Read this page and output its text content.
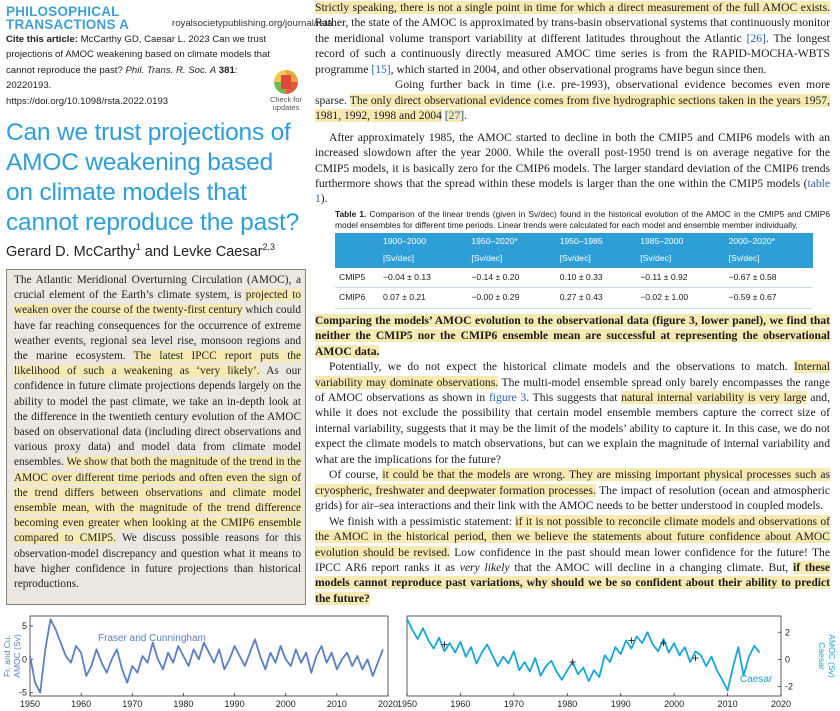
PHILOSOPHICAL TRANSACTIONS A	royalsocietypublishing.org/journal/rsta
Cite this article: McCarthy GD, Caesar L. 2023 Can we trust projections of AMOC weakening based on climate models that cannot reproduce the past? Phil. Trans. R. Soc. A 381: 20220193.
https://doi.org/10.1098/rsta.2022.0193	Check for updates
Can we trust projections of AMOC weakening based on climate models that cannot reproduce the past?
Gerard D. McCarthy$^1$ and Levke Caesar$^{2,3}$
The Atlantic Meridional Overturning Circulation (AMOC), a crucial element of the Earth’s climate system, is projected to weaken over the course of the twenty-first century which could have far reaching consequences for the occurrence of extreme weather events, regional sea level rise, monsoon regions and the marine ecosystem. The latest IPCC report puts the likelihood of such a weakening as ‘very likely’. As our confidence in future climate projections depends largely on the ability to model the past climate, we take an in-depth look at the difference in the twentieth century evolution of the AMOC based on observational data (including direct observations and various proxy data) and model data from climate model ensembles. We show that both the magnitude of the trend in the AMOC over different time periods and often even the sign of the trend differs between observations and climate model ensemble mean, with the magnitude of the trend difference becoming even greater when looking at the CMIP6 ensemble compared to CMIP5. We discuss possible reasons for this observation-model discrepancy and question what it means to have higher confidence in future projections than historical reproductions.

Strictly speaking, there is not a single point in time for which a direct measurement of the full AMOC exists. Rather, the state of the AMOC is approximated by trans-basin observational systems that continuously monitor the meridional volume transport variability at different latitudes throughout the Atlantic [26]. The longest record of such a continuously directly measured AMOC time series is from the RAPID-MOCHA-WBTS programme [15], which started in 2004, and other observational programs have begun since then.

Going further back in time (i.e. pre-1993), observational evidence becomes even more sparse. The only direct observational evidence comes from five hydrographic sections taken in the years 1957, 1981, 1992, 1998 and 2004 [27].

After approximately 1985, the AMOC started to decline in both the CMIP5 and CMIP6 models with an increased slowdown after the year 2000. While the overall post-1950 trend is on average negative for the CMIP5 models, it is basically zero for the CMIP6 models. The larger standard deviation of the CMIP6 trends furthermore shows that the spread within these models is larger than the one within the CMIP5 models (table 1).

Table 1. Comparison of the linear trends (given in Sv/dec) found in the historical evolution of the AMOC in the CMIP5 and CMIP6 model ensembles for different time periods. Linear trends were calculated for each model and ensemble member individually,

	1900–2000	1950–2020*	1950–1985	1985–2000	2000–2020*
	[Sv/dec]	[Sv/dec]	[Sv/dec]	[Sv/dec]	[Sv/dec]
CMIP5	−0.04 ± 0.13	−0.14 ± 0.20	0.10 ± 0.33	−0.11 ± 0.92	−0.67 ± 0.58
CMIP6	0.07 ± 0.21	−0.00 ± 0.29	0.27 ± 0.43	−0.02 ± 1.00	−0.59 ± 0.67

Comparing the models’ AMOC evolution to the observational data (figure 3, lower panel), we find that neither the CMIP5 nor the CMIP6 ensemble mean are successful at representing the observational AMOC data.

Potentially, we do not expect the historical climate models and the observations to match. Internal variability may dominate observations. The multi-model ensemble spread only barely encompasses the range of AMOC observations as shown in figure 3. This suggests that natural internal variability is very large and, while it does not exclude the possibility that certain model ensemble members capture the correct size of internal variability, suggests that it may be the limit of the models’ ability to capture it. In this case, we do not expect the climate models to match observations, but can we explain the magnitude of internal variability and what are the implications for the future?

Of course, it could be that the models are wrong. They are missing important physical processes such as cryospheric, freshwater and deepwater formation processes. The impact of resolution (ocean and atmospheric grids) for air–sea interactions and their link with the AMOC needs to be better understood in coupled models.

We finish with a pessimistic statement: if it is not possible to reconcile climate models and observations of the AMOC in the historical period, then we believe the statements about future confidence about AMOC evolution should be revised. Low confidence in the past should mean lower confidence for the future! The IPCC AR6 report ranks it as very likely that the AMOC will decline in a changing climate. But, if these models cannot reproduce past variations, why should we be so confident about their ability to predict the future?

1950	1960	1970	1980	1990	2000	2010	2020
5
0
-5
Fraser and Cunningham
Fr. and Cu. AMOC (Sv)
1950	1960	1970	1980	1990	2000	2010	2020
2
0
-2
Caesar
Caesar AMOC (Sv)
